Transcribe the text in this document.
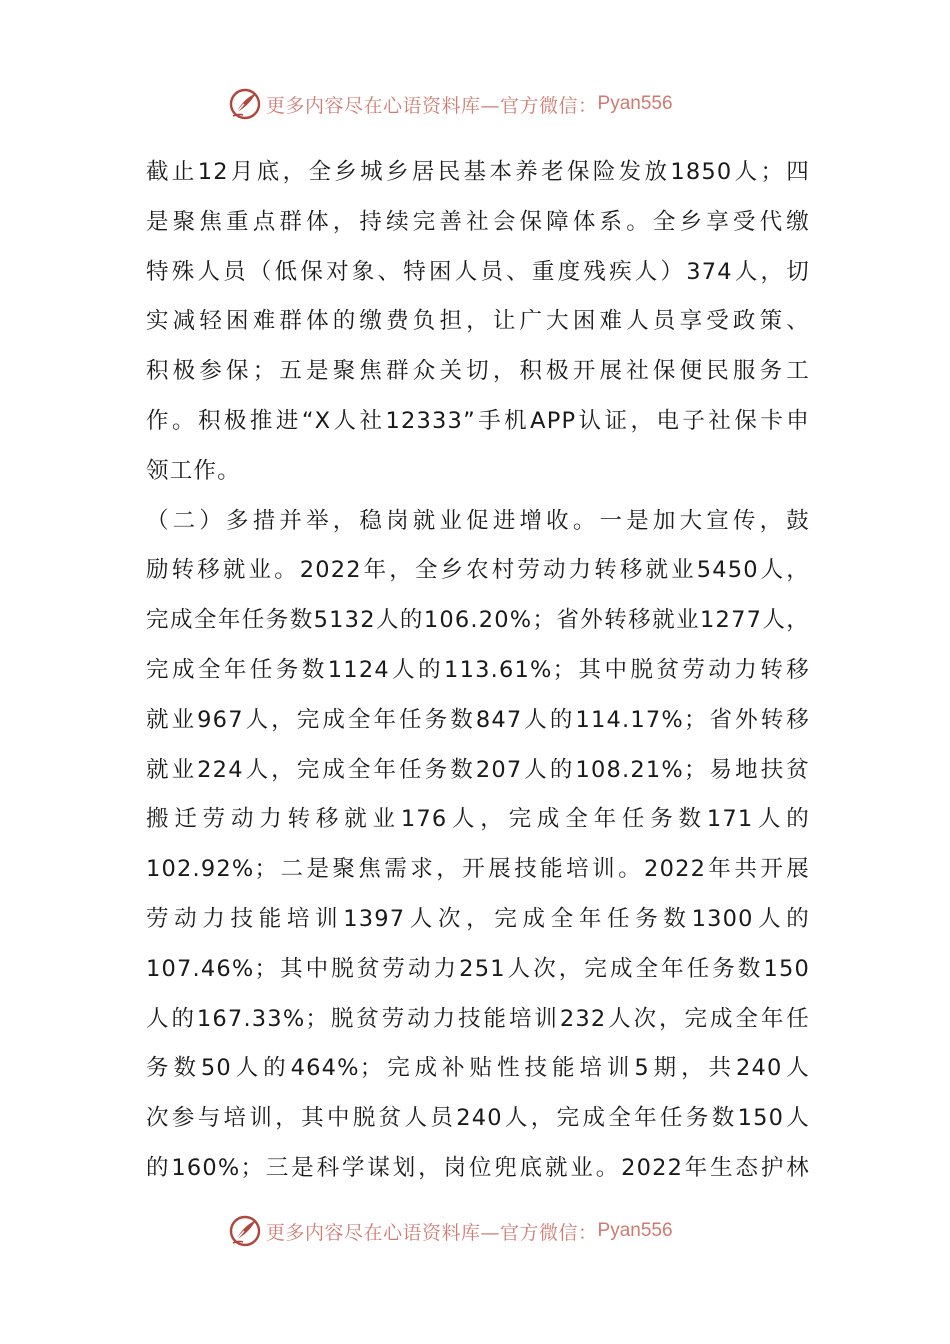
更多内容尽在心语资料库—官方微信： Pyan556
截止12月底，全乡城乡居民基本养老保险发放1850人；四
是聚焦重点群体，持续完善社会保障体系。全乡享受代缴
特殊人员（低保对象、特困人员、重度残疾人）374人，切
实减轻困难群体的缴费负担，让广大困难人员享受政策、
积极参保；五是聚焦群众关切，积极开展社保便民服务工
作。积极推进“X人社12333”手机APP认证，电子社保卡申
领工作。
（二）多措并举，稳岗就业促进增收。一是加大宣传，鼓
励转移就业。2022年，全乡农村劳动力转移就业5450人，
完成全年任务数5132人的106.20%；省外转移就业1277人，
完成全年任务数1124人的113.61%；其中脱贫劳动力转移
就业967人，完成全年任务数847人的114.17%；省外转移
就业224人，完成全年任务数207人的108.21%；易地扶贫
搬迁劳动力转移就业176人，完成全年任务数171人的
102.92%；二是聚焦需求，开展技能培训。2022年共开展
劳动力技能培训1397人次，完成全年任务数1300人的
107.46%；其中脱贫劳动力251人次，完成全年任务数150
人的167.33%；脱贫劳动力技能培训232人次，完成全年任
务数50人的464%；完成补贴性技能培训5期，共240人
次参与培训，其中脱贫人员240人，完成全年任务数150人
的160%；三是科学谋划，岗位兜底就业。2022年生态护林
更多内容尽在心语资料库—官方微信： Pyan556
